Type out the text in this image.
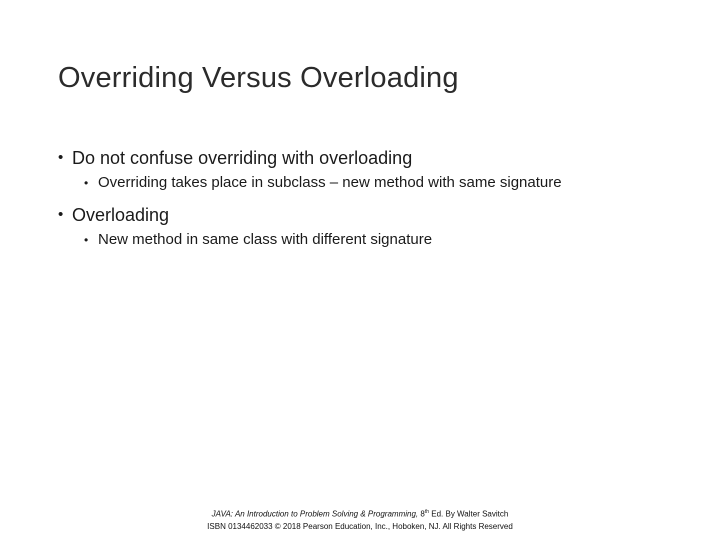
Overriding Versus Overloading
• Do not confuse overriding with overloading
• Overriding takes place in subclass – new method with same signature
• Overloading
• New method in same class with different signature
JAVA: An Introduction to Problem Solving & Programming, 8th Ed. By Walter Savitch
ISBN 0134462033 © 2018 Pearson Education, Inc., Hoboken, NJ. All Rights Reserved
